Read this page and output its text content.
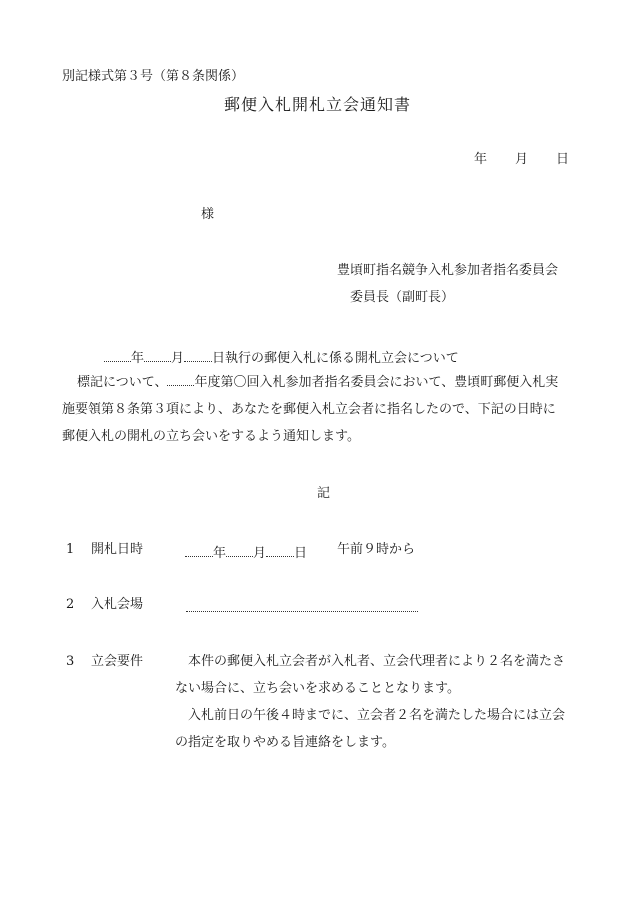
別記様式第３号（第８条関係）
郵便入札開札立会通知書
年 月 日
様
豊頃町指名競争入札参加者指名委員会
委員長（副町長）
年 月 日執行の郵便入札に係る開札立会について
標記について、 年度第〇回入札参加者指名委員会において、豊頃町郵便入札実
施要領第８条第３項により、あなたを郵便入札立会者に指名したので、下記の日時に
郵便入札の開札の立ち会いをするよう通知します。
記
1 開札日時	年 月 日 午前９時から
2 入札会場
3 立会要件	本件の郵便入札立会者が入札者、立会代理者により２名を満たさ
ない場合に、立ち会いを求めることとなります。
入札前日の午後４時までに、立会者２名を満たした場合には立会
の指定を取りやめる旨連絡をします。
